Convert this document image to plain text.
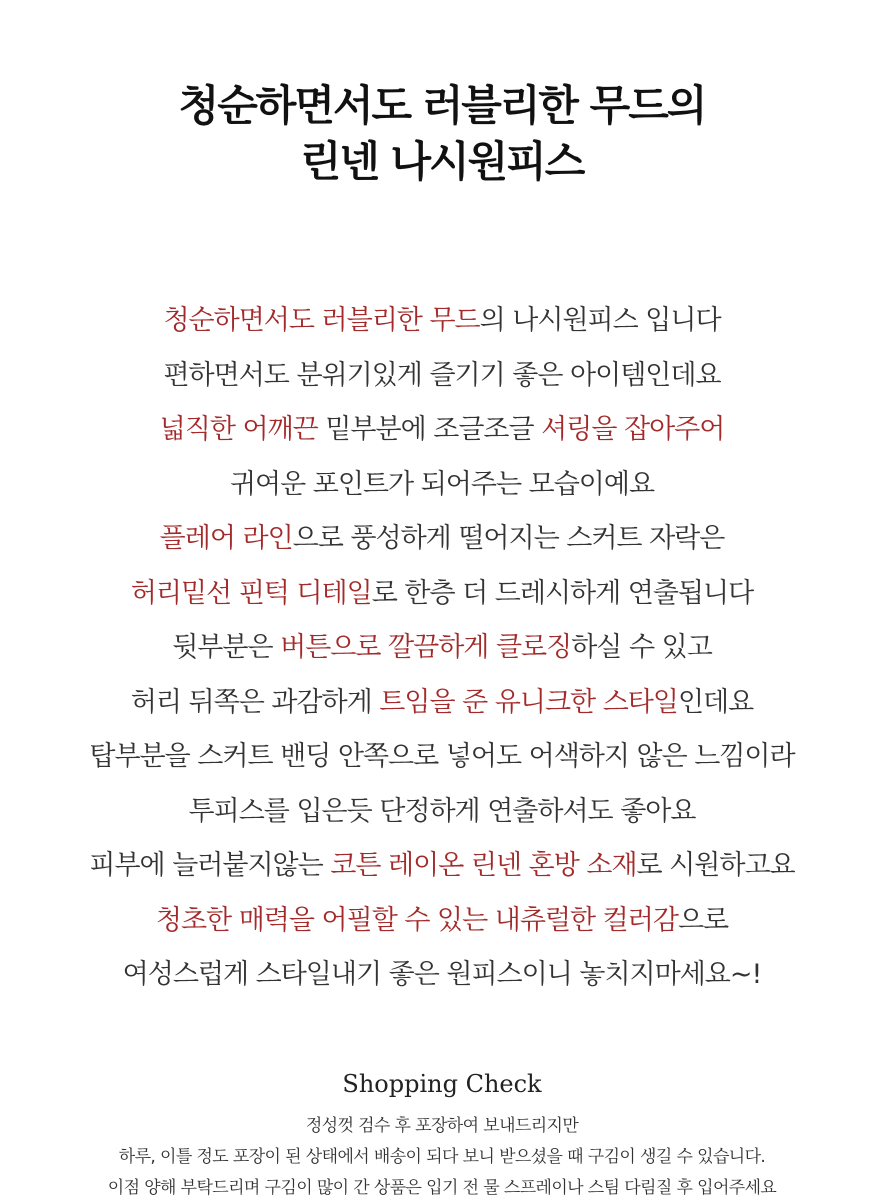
청순하면서도 러블리한 무드의
린넨 나시원피스
청순하면서도 러블리한 무드의 나시원피스 입니다
편하면서도 분위기있게 즐기기 좋은 아이템인데요
넓직한 어깨끈 밑부분에 조글조글 셔링을 잡아주어
귀여운 포인트가 되어주는 모습이예요
플레어 라인으로 풍성하게 떨어지는 스커트 자락은
허리밑선 핀턱 디테일로 한층 더 드레시하게 연출됩니다
뒷부분은 버튼으로 깔끔하게 클로징하실 수 있고
허리 뒤쪽은 과감하게 트임을 준 유니크한 스타일인데요
탑부분을 스커트 밴딩 안쪽으로 넣어도 어색하지 않은 느낌이라
투피스를 입은듯 단정하게 연출하셔도 좋아요
피부에 늘러붙지않는 코튼 레이온 린넨 혼방 소재로 시원하고요
청초한 매력을 어필할 수 있는 내츄럴한 컬러감으로
여성스럽게 스타일내기 좋은 원피스이니 놓치지마세요~!
Shopping Check
정성껏 검수 후 포장하여 보내드리지만
하루, 이틀 정도 포장이 된 상태에서 배송이 되다 보니 받으셨을 때 구김이 생길 수 있습니다.
이점 양해 부탁드리며 구김이 많이 간 상품은 입기 전 물 스프레이나 스팀 다림질 후 입어주세요
